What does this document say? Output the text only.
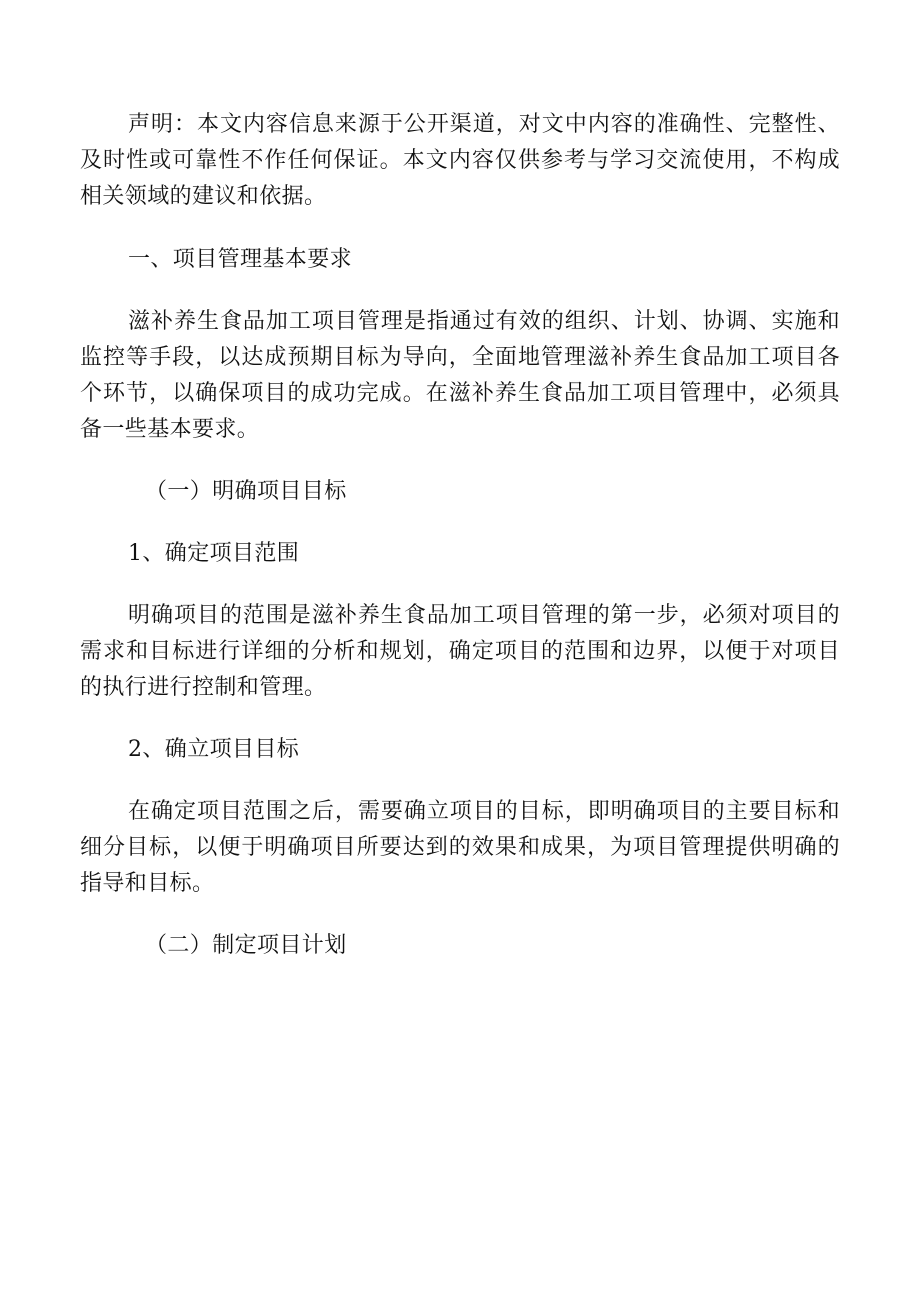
声明：本文内容信息来源于公开渠道，对文中内容的准确性、完整性、及时性或可靠性不作任何保证。本文内容仅供参考与学习交流使用，不构成相关领域的建议和依据。

一、项目管理基本要求

滋补养生食品加工项目管理是指通过有效的组织、计划、协调、实施和监控等手段，以达成预期目标为导向，全面地管理滋补养生食品加工项目各个环节，以确保项目的成功完成。在滋补养生食品加工项目管理中，必须具备一些基本要求。

（一）明确项目目标

1、确定项目范围

明确项目的范围是滋补养生食品加工项目管理的第一步，必须对项目的需求和目标进行详细的分析和规划，确定项目的范围和边界，以便于对项目的执行进行控制和管理。

2、确立项目目标

在确定项目范围之后，需要确立项目的目标，即明确项目的主要目标和细分目标，以便于明确项目所要达到的效果和成果，为项目管理提供明确的指导和目标。

（二）制定项目计划
